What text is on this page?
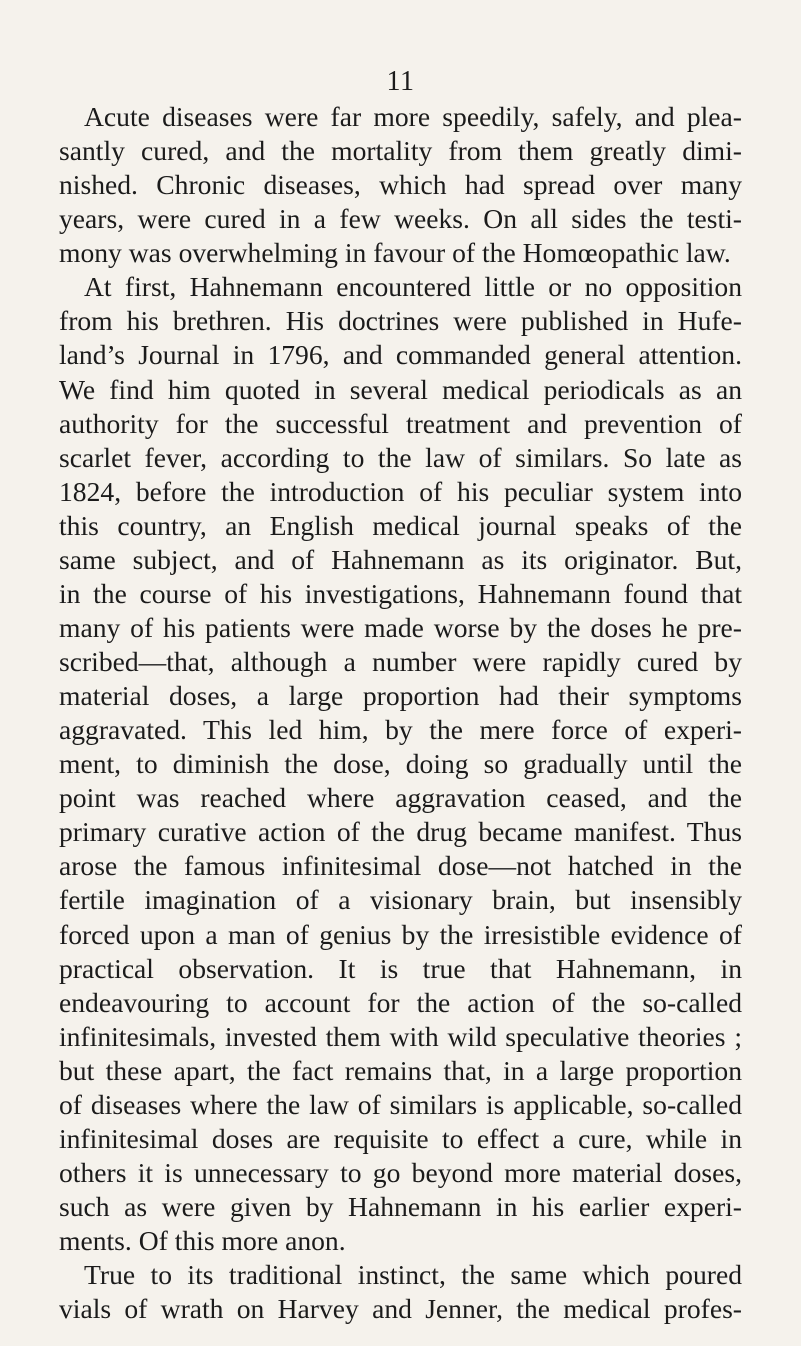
11
Acute diseases were far more speedily, safely, and plea-
santly cured, and the mortality from them greatly dimi-
nished. Chronic diseases, which had spread over many
years, were cured in a few weeks. On all sides the testi-
mony was overwhelming in favour of the Homœopathic law.
At first, Hahnemann encountered little or no opposition
from his brethren. His doctrines were published in Hufe-
land’s Journal in 1796, and commanded general attention.
We find him quoted in several medical periodicals as an
authority for the successful treatment and prevention of
scarlet fever, according to the law of similars. So late as
1824, before the introduction of his peculiar system into
this country, an English medical journal speaks of the
same subject, and of Hahnemann as its originator. But,
in the course of his investigations, Hahnemann found that
many of his patients were made worse by the doses he pre-
scribed—that, although a number were rapidly cured by
material doses, a large proportion had their symptoms
aggravated. This led him, by the mere force of experi-
ment, to diminish the dose, doing so gradually until the
point was reached where aggravation ceased, and the
primary curative action of the drug became manifest. Thus
arose the famous infinitesimal dose—not hatched in the
fertile imagination of a visionary brain, but insensibly
forced upon a man of genius by the irresistible evidence of
practical observation. It is true that Hahnemann, in
endeavouring to account for the action of the so-called
infinitesimals, invested them with wild speculative theories ;
but these apart, the fact remains that, in a large proportion
of diseases where the law of similars is applicable, so-called
infinitesimal doses are requisite to effect a cure, while in
others it is unnecessary to go beyond more material doses,
such as were given by Hahnemann in his earlier experi-
ments. Of this more anon.
True to its traditional instinct, the same which poured
vials of wrath on Harvey and Jenner, the medical profes-
